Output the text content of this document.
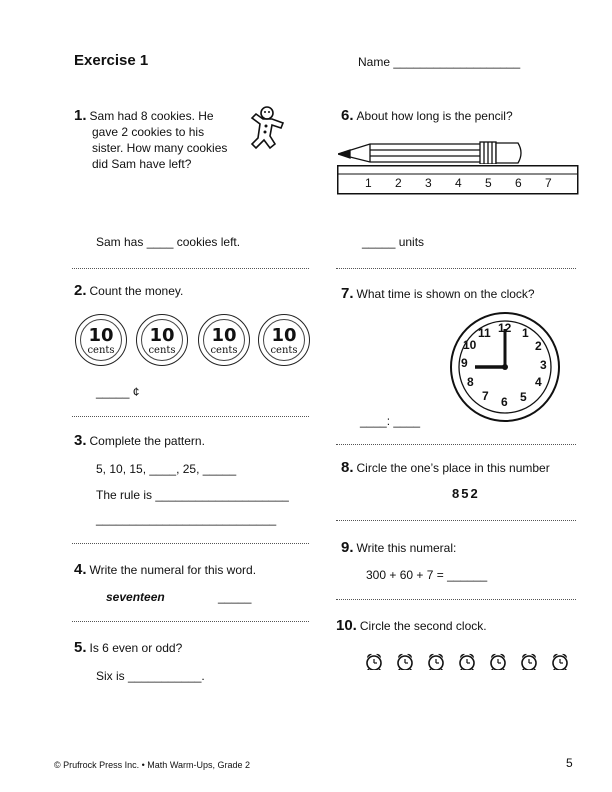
Exercise 1	Name ___________________
1. Sam had 8 cookies. He
gave 2 cookies to his
sister. How many cookies
did Sam have left?
Sam has ____ cookies left.
2. Count the money.
10
cents
10
cents
10
cents
10
cents
_____ ¢
3. Complete the pattern.
5, 10, 15, ____, 25, _____
The rule is ____________________
___________________________
4. Write the numeral for this word.
seventeen	_____
5. Is 6 even or odd?
Six is ___________.
6. About how long is the pencil?
1 2 3 4 5 6 7
_____ units
7. What time is shown on the clock?
12 1
2
3
4
5
6
7
8
9
10
11
____: ____
8. Circle the one’s place in this number
852
9. Write this numeral:
300 + 60 + 7 = ______
10. Circle the second clock.
© Prufrock Press Inc. • Math Warm-Ups, Grade 2	5
